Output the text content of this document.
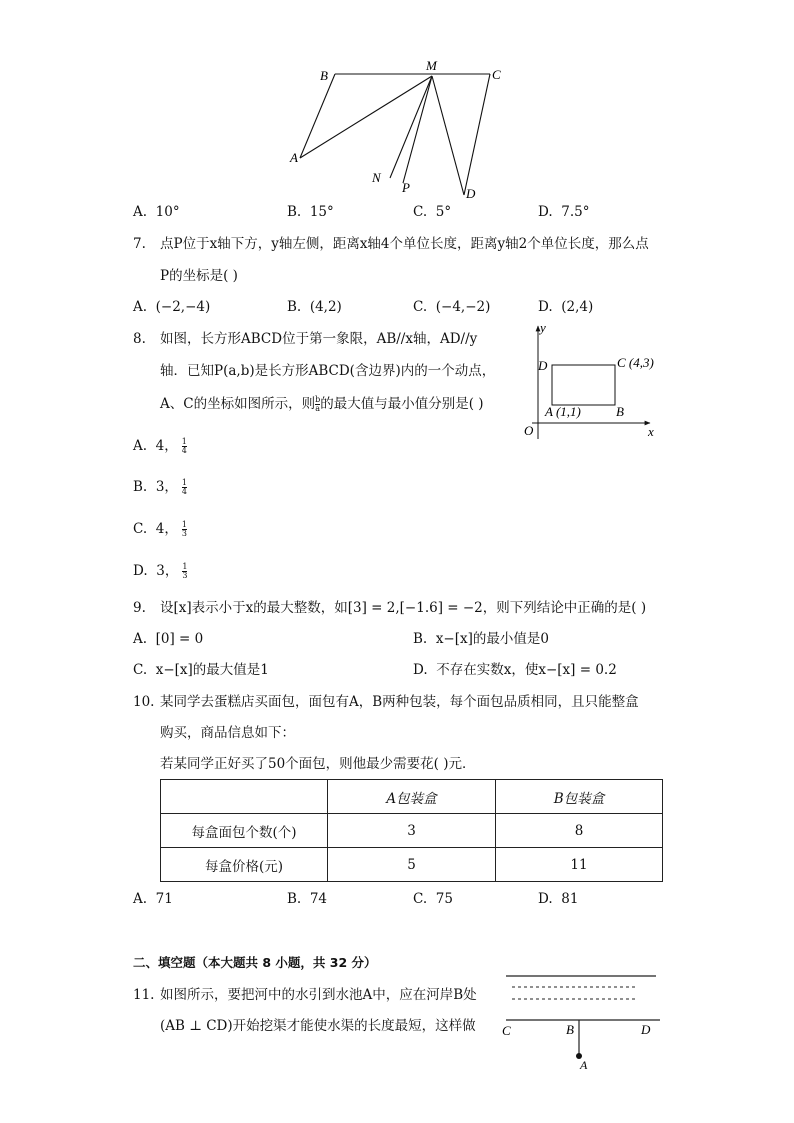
B
M
C
A
N
P	D
A. 10°	B. 15°	C. 5°	D. 7.5°
7. 点P位于x轴下方，y轴左侧，距离x轴4个单位长度，距离y轴2个单位长度，那么点
P的坐标是( )
A. (−2,−4)	B. (4,2)	C. (−4,−2)	D. (2,4)
8. 如图，长方形ABCD位于第一象限，AB//x轴，AD//y
轴．已知P(a,b)是长方形ABCD(含边界)内的一个动点，
A、C的坐标如图所示，则 $\frac{b}{a}$ 的最大值与最小值分别是( )
y
x
O
D	C (4,3)
A (1,1)	B
A. 4， $\frac{1}{4}$
B. 3， $\frac{1}{4}$
C. 4， $\frac{1}{3}$
D. 3， $\frac{1}{3}$
9. 设[x]表示小于x的最大整数，如[3] = 2,[−1.6] = −2，则下列结论中正确的是( )
A. [0] = 0	B. x−[x]的最小值是0
C. x−[x]的最大值是1	D. 不存在实数x，使x−[x] = 0.2
10. 某同学去蛋糕店买面包，面包有A，B两种包装，每个面包品质相同，且只能整盒
购买，商品信息如下：
若某同学正好买了50个面包，则他最少需要花( )元．
	A包装盒	B包装盒
每盒面包个数(个)	3	8
每盒价格(元)	5	11
A. 71	B. 74	C. 75	D. 81
二、填空题（本大题共 8 小题，共 32 分）
11. 如图所示，要把河中的水引到水池A中，应在河岸B处
(AB ⊥ CD)开始挖渠才能使水渠的长度最短，这样做 C	B	D
A
